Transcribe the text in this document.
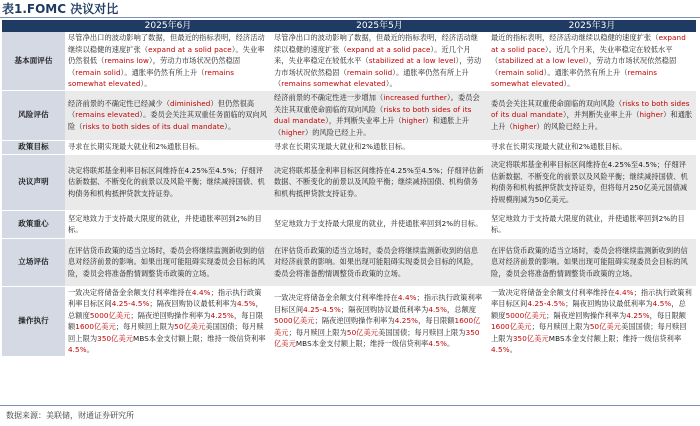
表1.FOMC 决议对比
	2025年6月	2025年5月	2025年3月
基本面评估	尽管净出口的波动影响了数据，但最近的指标表明，经济活动继续以稳健的速度扩张（expand at a solid pace）。失业率仍然很低（remains low），劳动力市场状况仍然稳固（remain solid）。通胀率仍然有所上升（remains somewhat elevated）。	尽管净出口的波动影响了数据，但最近的指标表明，经济活动继续以稳健的速度扩张（expand at a solid pace）。近几个月来，失业率稳定在较低水平（stabilized at a low level），劳动力市场状况依然稳固（remain solid）。通胀率仍然有所上升（remains somewhat elevated）。	最近的指标表明，经济活动继续以稳健的速度扩张（expand at a solid pace）。近几个月来，失业率稳定在较低水平（stabilized at a low level），劳动力市场状况依然稳固（remain solid）。通胀率仍然有所上升（remains somewhat elevated）。
风险评估	经济前景的不确定性已经减少（diminished）但仍然很高（remains elevated）。委员会关注其双重任务面临的双向风险（risks to both sides of its dual mandate）。	经济前景的不确定性进一步增加（increased further）。委员会关注其双重使命面临的双向风险（risks to both sides of its dual mandate），并判断失业率上升（higher）和通胀上升（higher）的风险已经上升。	委员会关注其双重使命面临的双向风险（risks to both sides of its dual mandate），并判断失业率上升（higher）和通胀上升（higher）的风险已经上升。
政策目标	寻求在长期实现最大就业和2%通胀目标。	寻求在长期实现最大就业和2%通胀目标。	寻求在长期实现最大就业和2%通胀目标。
决议声明	决定将联邦基金利率目标区间维持在4.25%至4.5%；仔细评估新数据、不断变化的前景以及风险平衡；继续减持国债、机构债务和机构抵押贷款支持证券。	决定将联邦基金利率目标区间维持在4.25%至4.5%；仔细评估新数据、不断变化的前景以及风险平衡；继续减持国债、机构债务和机构抵押贷款支持证券。	决定将联邦基金利率目标区间维持在4.25%至4.5%；仔细评估新数据、不断变化的前景以及风险平衡；继续减持国债、机构债务和机构抵押贷款支持证券，但将每月250亿美元国债减持规模削减为50亿美元。
政策重心	坚定地致力于支持最大限度的就业，并使通胀率回到2%的目标。	坚定地致力于支持最大限度的就业，并使通胀率回到2%的目标。	坚定地致力于支持最大限度的就业，并使通胀率回到2%的目标。
立场评估	在评估货币政策的适当立场时，委员会将继续监测新收到的信息对经济前景的影响。如果出现可能阻碍实现委员会目标的风险，委员会将准备酌情调整货币政策的立场。	在评估货币政策的适当立场时，委员会将继续监测新收到的信息对经济前景的影响。如果出现可能阻碍实现委员会目标的风险，委员会将准备酌情调整货币政策的立场。	在评估货币政策的适当立场时，委员会将继续监测新收到的信息对经济前景的影响。如果出现可能阻碍实现委员会目标的风险，委员会将准备酌情调整货币政策的立场。
操作执行	一致决定将储备金余额支付利率维持在4.4%；指示执行政策利率目标区间4.25-4.5%；隔夜回购协议最低利率为4.5%，总额度5000亿美元；隔夜逆回购操作利率为4.25%，每日限额1600亿美元；每月赎回上限为50亿美元美国国债；每月赎回上限为350亿美元MBS本金支付额上限；维持一级信贷利率4.5%。	一致决定将储备金余额支付利率维持在4.4%；指示执行政策利率目标区间4.25-4.5%；隔夜回购协议最低利率为4.5%，总额度5000亿美元；隔夜逆回购操作利率为4.25%，每日限额1600亿美元；每月赎回上限为50亿美元美国国债；每月赎回上限为350亿美元MBS本金支付额上限；维持一级信贷利率4.5%。	一致决定将储备金余额支付利率维持在4.4%；指示执行政策利率目标区间4.25-4.5%；隔夜回购协议最低利率为4.5%，总额度5000亿美元；隔夜逆回购操作利率为4.25%，每日限额1600亿美元；每月赎回上限为50亿美元美国国债；每月赎回上限为350亿美元MBS本金支付额上限；维持一级信贷利率4.5%。
数据来源：美联储，财通证券研究所
